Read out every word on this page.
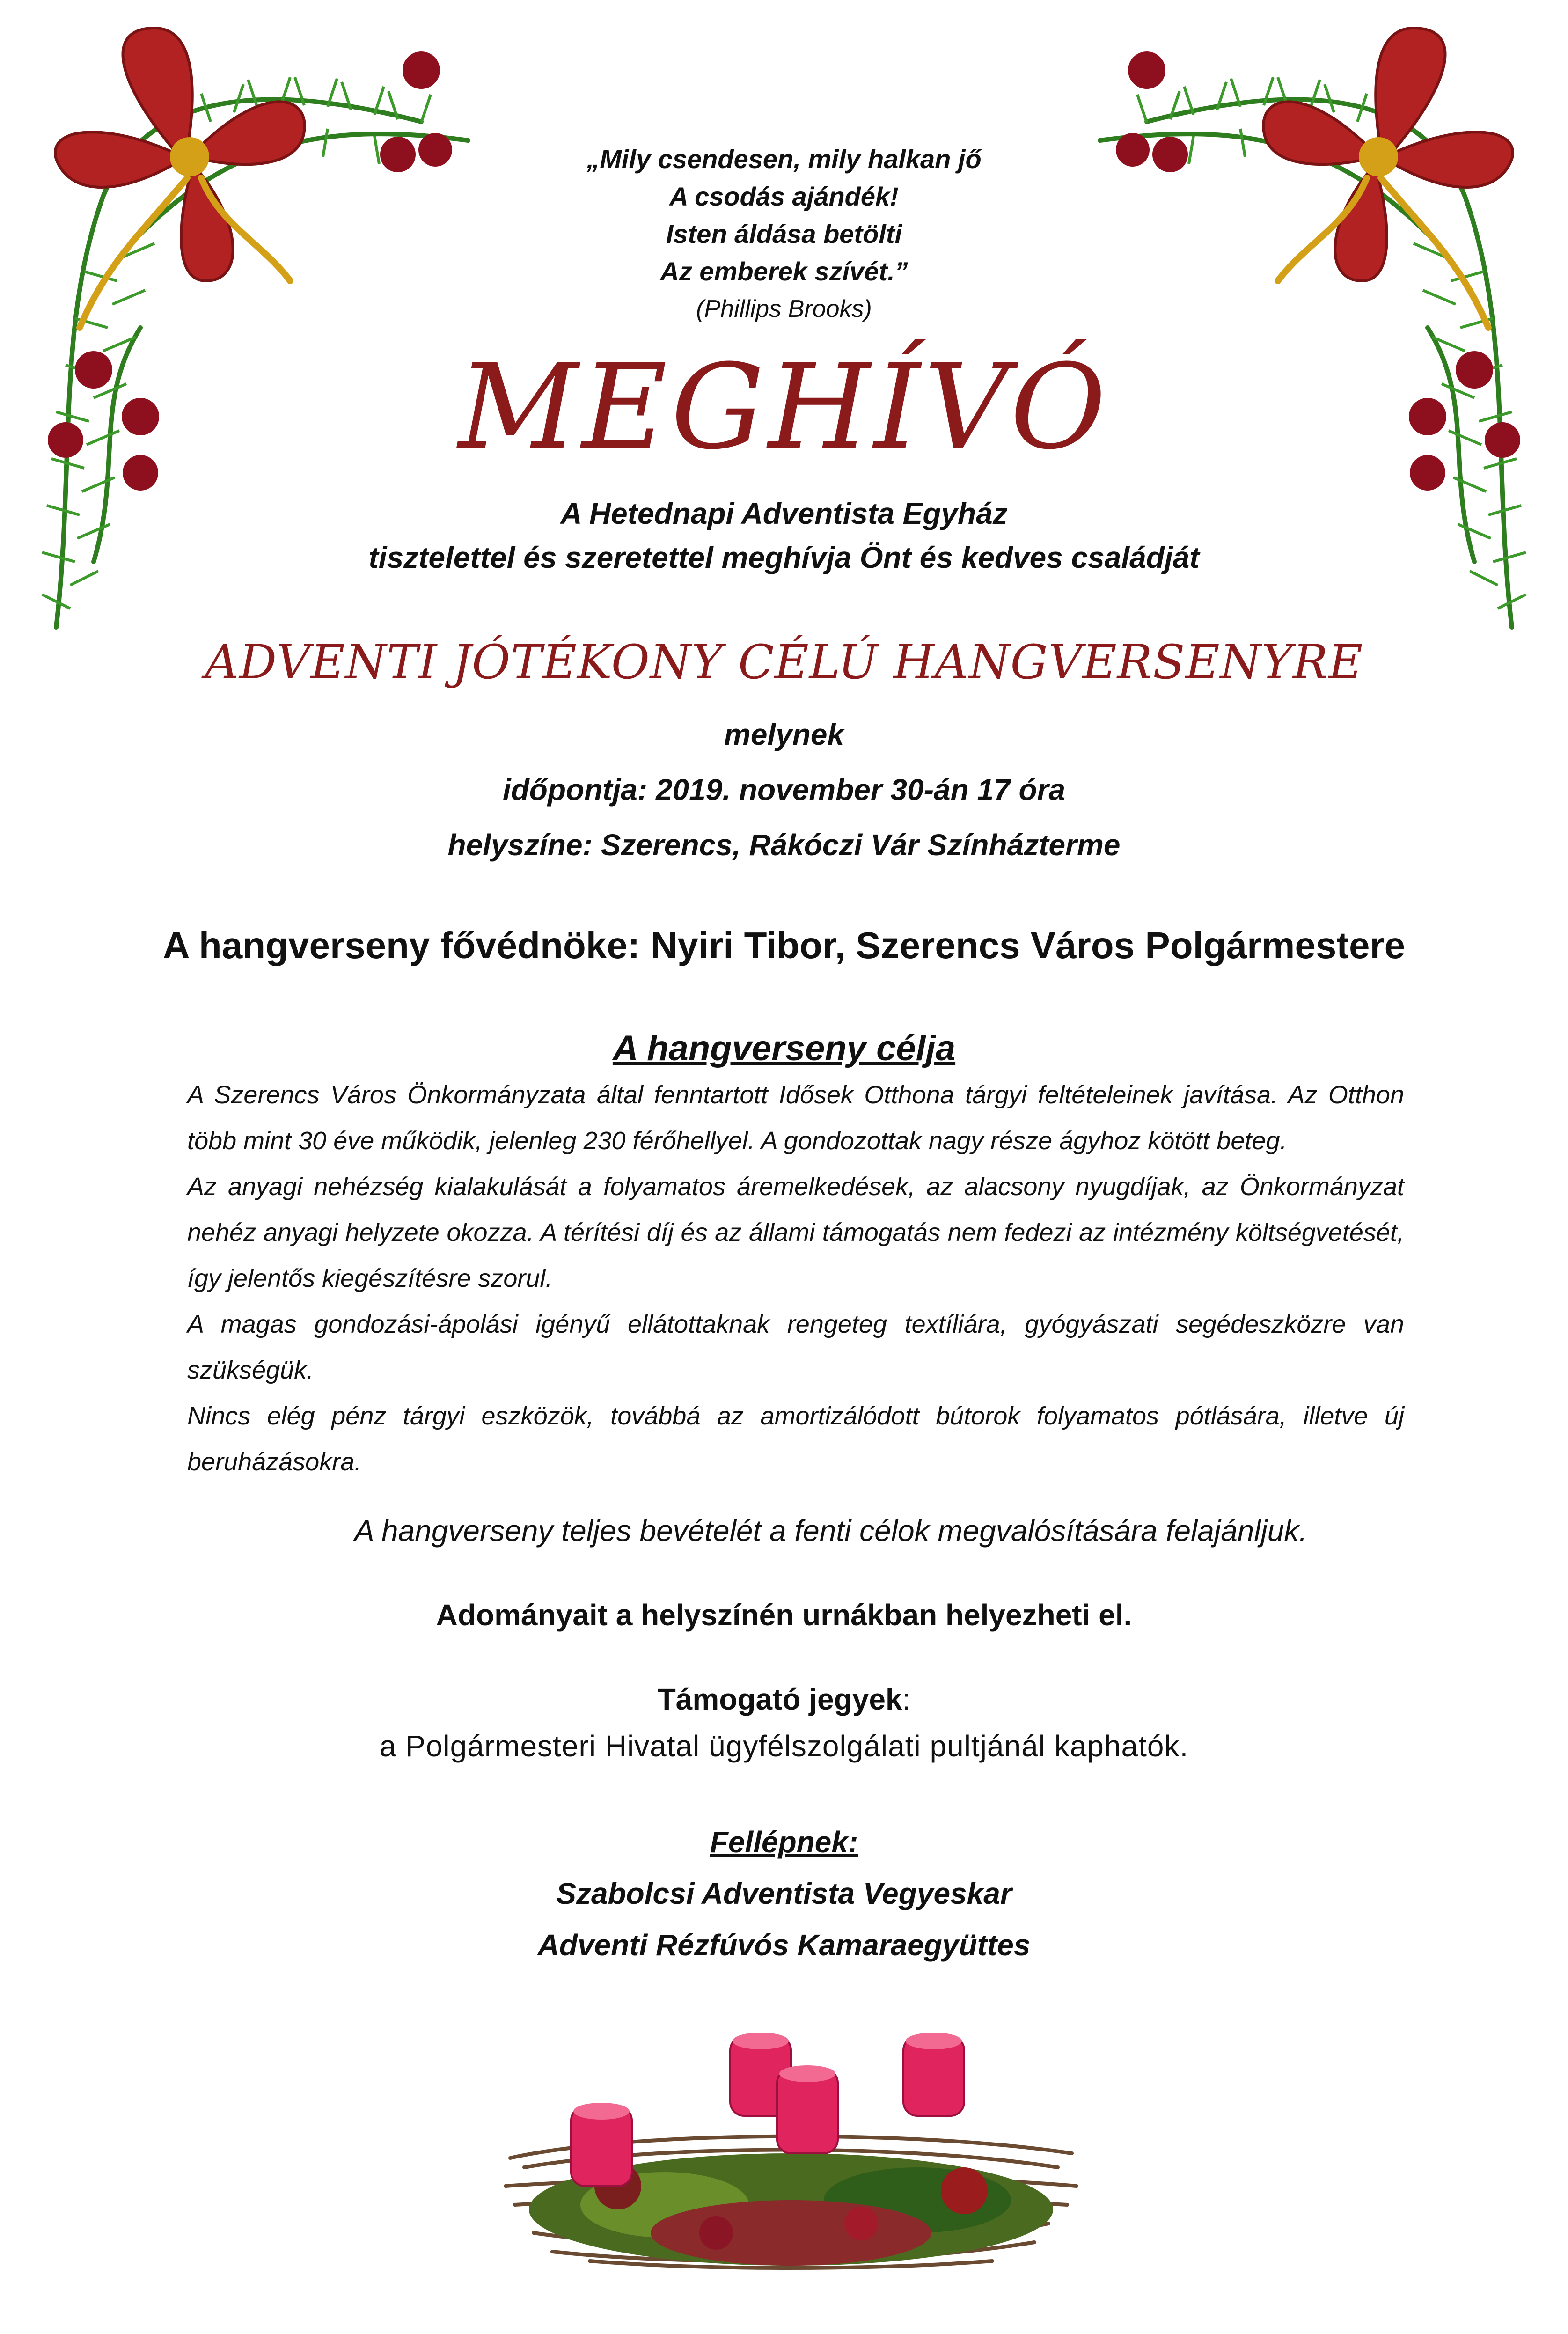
„Mily csendesen, mily halkan jő
A csodás ajándék!
Isten áldása betölti
Az emberek szívét.”
(Phillips Brooks)
MEGHÍVÓ
A Hetednapi Adventista Egyház
tisztelettel és szeretettel meghívja Önt és kedves családját
ADVENTI JÓTÉKONY CÉLÚ HANGVERSENYRE
melynek
időpontja: 2019. november 30-án 17 óra
helyszíne: Szerencs, Rákóczi Vár Színházterme
A hangverseny fővédnöke: Nyiri Tibor, Szerencs Város Polgármestere
A hangverseny célja

A Szerencs Város Önkormányzata által fenntartott Idősek Otthona tárgyi feltételeinek javítása. Az Otthon több mint 30 éve működik, jelenleg 230 férőhellyel. A gondozottak nagy része ágyhoz kötött beteg.

Az anyagi nehézség kialakulását a folyamatos áremelkedések, az alacsony nyugdíjak, az Önkormányzat nehéz anyagi helyzete okozza. A térítési díj és az állami támogatás nem fedezi az intézmény költségvetését, így jelentős kiegészítésre szorul.

A magas gondozási-ápolási igényű ellátottaknak rengeteg textíliára, gyógyászati segédeszközre van szükségük.

Nincs elég pénz tárgyi eszközök, továbbá az amortizálódott bútorok folyamatos pótlására, illetve új beruházásokra.

A hangverseny teljes bevételét a fenti célok megvalósítására felajánljuk.
Adományait a helyszínén urnákban helyezheti el.
Támogató jegyek:
a Polgármesteri Hivatal ügyfélszolgálati pultjánál kaphatók.
Fellépnek:
Szabolcsi Adventista Vegyeskar
Adventi Rézfúvós Kamaraegyüttes
